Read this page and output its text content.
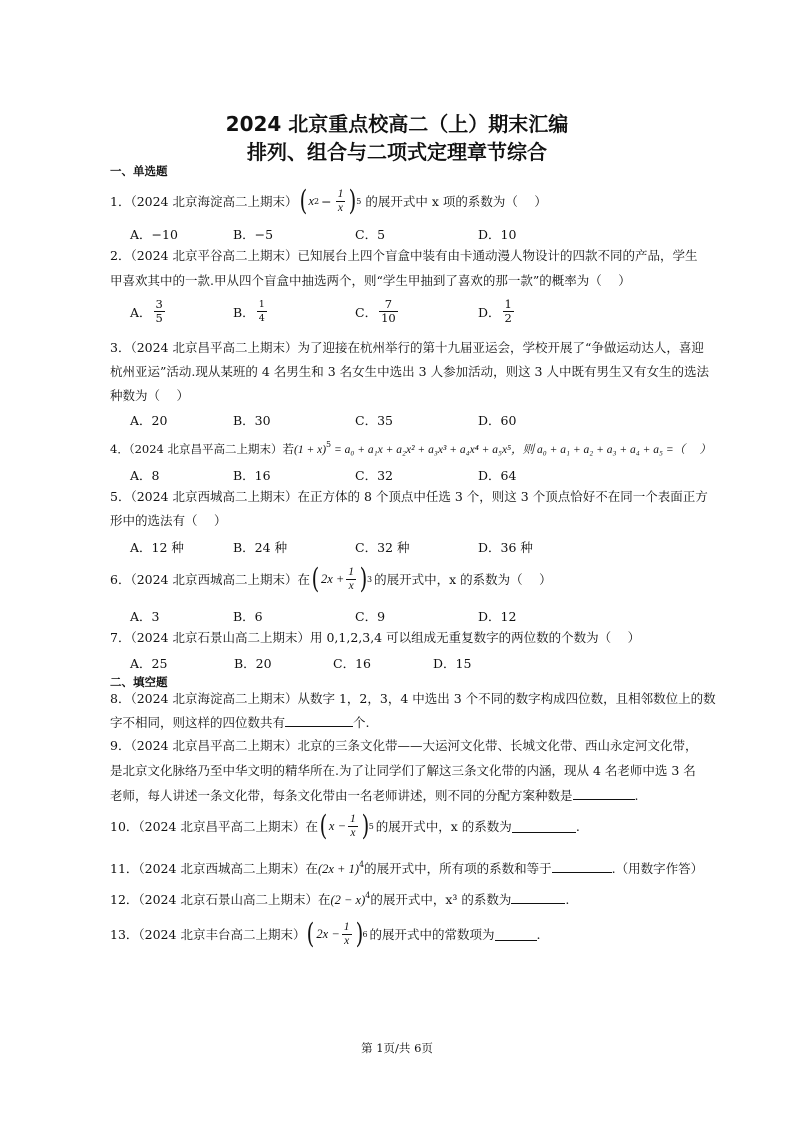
2024 北京重点校高二（上）期末汇编
排列、组合与二项式定理章节综合
一、单选题
1．（2024 北京海淀高二上期末） ( x $2 - \frac{1}{x}$ ) 5 的展开式中 x 项的系数为（　 ）
A．−10	B．−5	C．5	D．10
2．（2024 北京平谷高二上期末）已知展台上四个盲盒中装有由卡通动漫人物设计的四款不同的产品，学生
甲喜欢其中的一款.甲从四个盲盒中抽选两个，则“学生甲抽到了喜欢的那一款”的概率为（　 ）
A． $\frac{3}{5}$	B． $\frac{1}{4}$	C． $\frac{7}{10}$	D． $\frac{1}{2}$
3．（2024 北京昌平高二上期末）为了迎接在杭州举行的第十九届亚运会，学校开展了“争做运动达人，喜迎
杭州亚运”活动.现从某班的 4 名男生和 3 名女生中选出 3 人参加活动，则这 3 人中既有男生又有女生的选法
种数为（　 ）
A．20	B．30	C．35	D．60
4．（2024 北京昌平高二上期末）若$(1 + x)^5 = a_0 + a_1x + a_2x^2 + a_3x^3 + a_4x^4 + a_5x^5$，则 a₀ + a₁ + a₂ + a₃ + a₄ + a₅ =（　 ）
A．8	B．16	C．32	D．64
5．（2024 北京西城高二上期末）在正方体的 8 个顶点中任选 3 个，则这 3 个顶点恰好不在同一个表面正方
形中的选法有（　 ）
A．12 种	B．24 种	C．32 种	D．36 种
6．（2024 北京西城高二上期末）在 ( $2x + \frac{1}{x}$ ) 3 的展开式中，x 的系数为（　 ）
A．3	B．6	C．9	D．12
7．（2024 北京石景山高二上期末）用 0,1,2,3,4 可以组成无重复数字的两位数的个数为（　 ）
A．25	B．20	C．16	D．15
二、填空题
8．（2024 北京海淀高二上期末）从数字 1，2，3，4 中选出 3 个不同的数字构成四位数，且相邻数位上的数
字不相同，则这样的四位数共有	个.
9．（2024 北京昌平高二上期末）北京的三条文化带——大运河文化带、长城文化带、西山永定河文化带，
是北京文化脉络乃至中华文明的精华所在.为了让同学们了解这三条文化带的内涵，现从 4 名老师中选 3 名
老师，每人讲述一条文化带，每条文化带由一名老师讲述，则不同的分配方案种数是	.
10．（2024 北京昌平高二上期末）在 ( $x - \frac{1}{x}$ ) 5 的展开式中，x 的系数为	.
11．（2024 北京西城高二上期末）在$(2x + 1)^4$的展开式中，所有项的系数和等于	.（用数字作答）
12．（2024 北京石景山高二上期末）在$(2 - x)^4$的展开式中，x³ 的系数为	.
13．（2024 北京丰台高二上期末） ( $2x - \frac{1}{x}$ ) 6 的展开式中的常数项为	.
第 1页/共 6页
